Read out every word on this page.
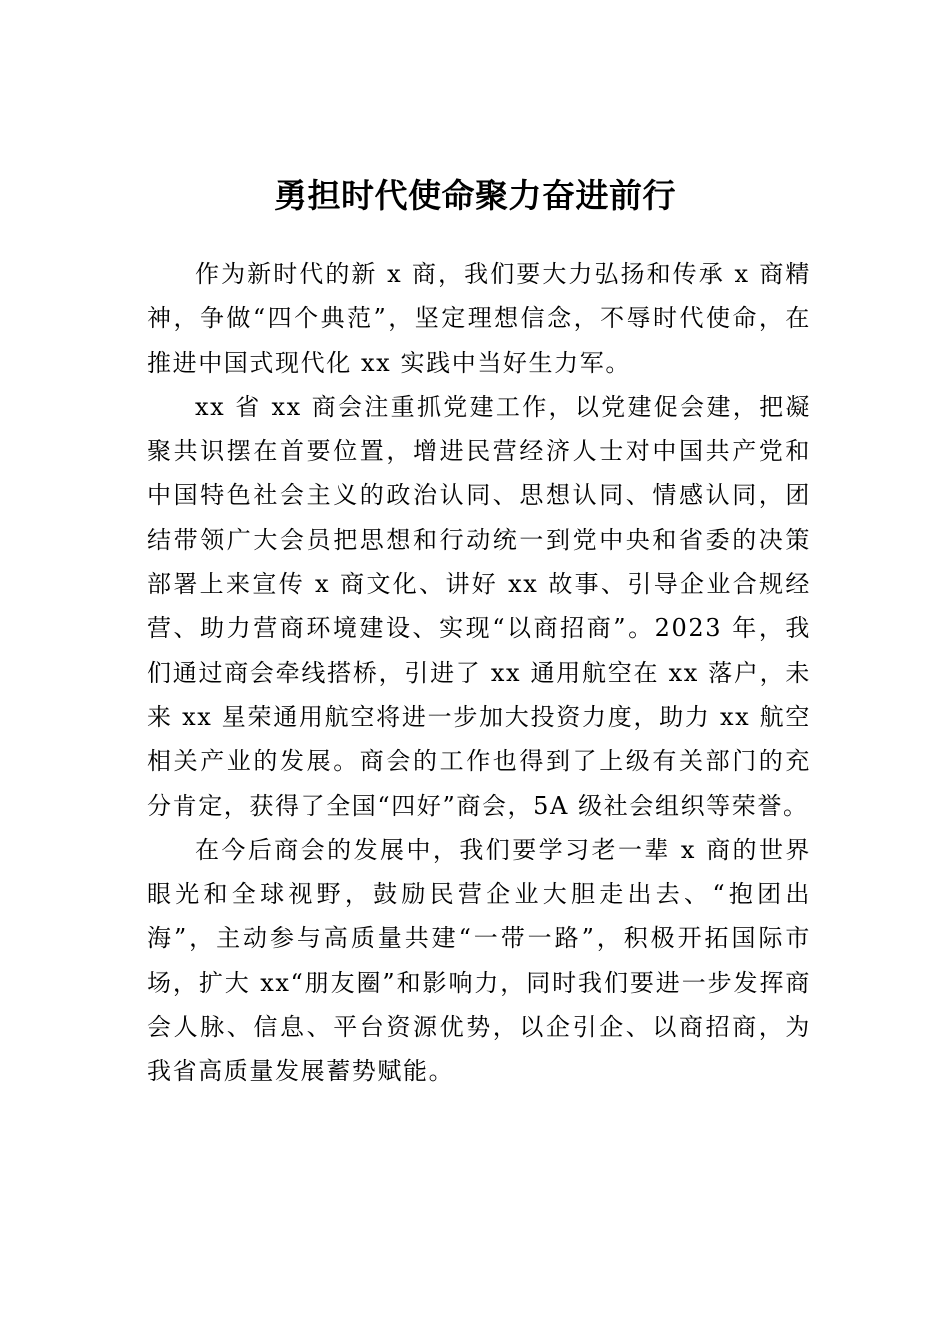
勇担时代使命聚力奋进前行

作为新时代的新 x 商，我们要大力弘扬和传承 x 商精神，争做“四个典范”，坚定理想信念，不辱时代使命，在推进中国式现代化 xx 实践中当好生力军。

xx 省 xx 商会注重抓党建工作，以党建促会建，把凝聚共识摆在首要位置，增进民营经济人士对中国共产党和中国特色社会主义的政治认同、思想认同、情感认同，团结带领广大会员把思想和行动统一到党中央和省委的决策部署上来宣传 x 商文化、讲好 xx 故事、引导企业合规经营、助力营商环境建设、实现“以商招商”。2023 年，我们通过商会牵线搭桥，引进了 xx 通用航空在 xx 落户，未来 xx 星荣通用航空将进一步加大投资力度，助力 xx 航空相关产业的发展。商会的工作也得到了上级有关部门的充分肯定，获得了全国“四好”商会，5A 级社会组织等荣誉。

在今后商会的发展中，我们要学习老一辈 x 商的世界眼光和全球视野，鼓励民营企业大胆走出去、“抱团出海”，主动参与高质量共建“一带一路”，积极开拓国际市场，扩大 xx“朋友圈”和影响力，同时我们要进一步发挥商会人脉、信息、平台资源优势，以企引企、以商招商，为我省高质量发展蓄势赋能。
